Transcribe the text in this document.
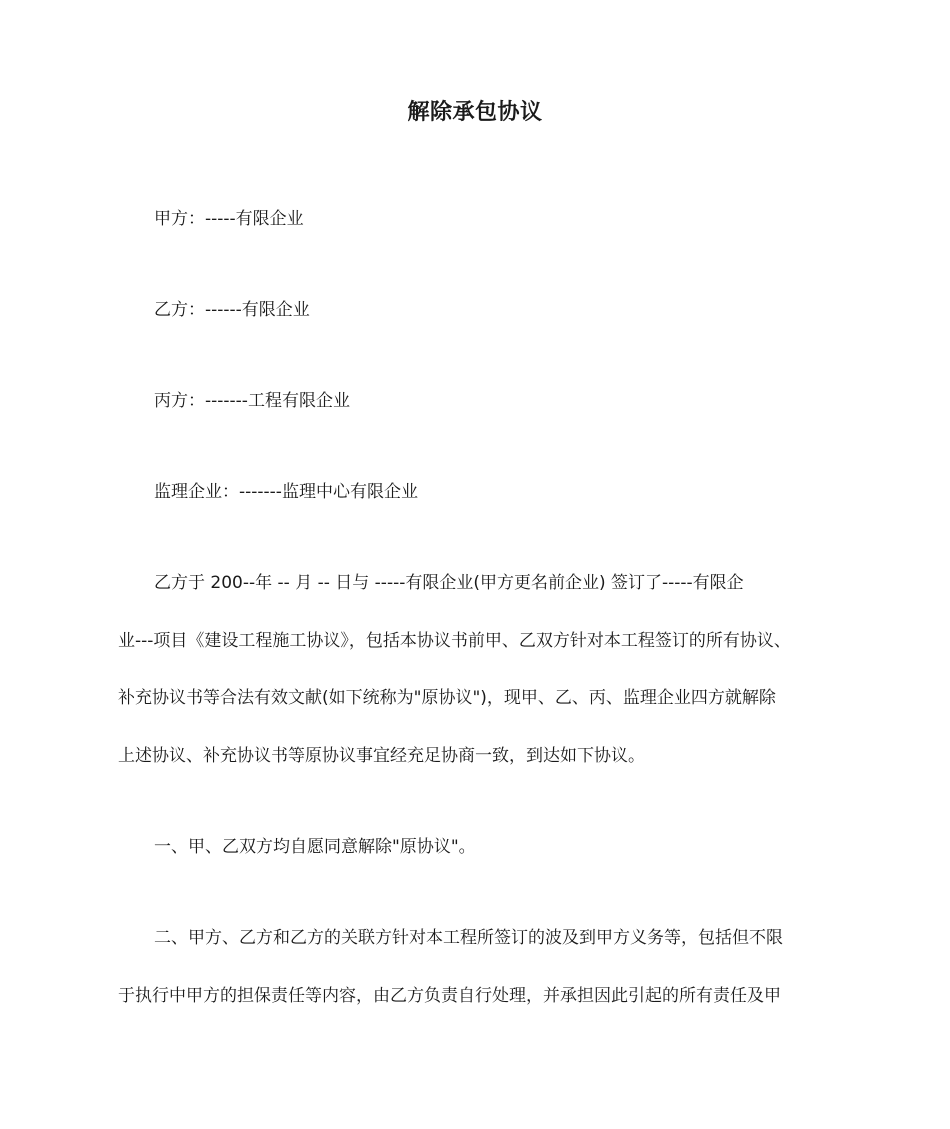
解除承包协议
甲方：-----有限企业
乙方：------有限企业
丙方：-------工程有限企业
监理企业：-------监理中心有限企业
乙方于 200--年 -- 月 -- 日与 -----有限企业(甲方更名前企业) 签订了-----有限企
业---项目《建设工程施工协议》，包括本协议书前甲、乙双方针对本工程签订的所有协议、
补充协议书等合法有效文献(如下统称为"原协议")，现甲、乙、丙、监理企业四方就解除
上述协议、补充协议书等原协议事宜经充足协商一致，到达如下协议。
一、甲、乙双方均自愿同意解除"原协议"。
二、甲方、乙方和乙方的关联方针对本工程所签订的波及到甲方义务等，包括但不限
于执行中甲方的担保责任等内容，由乙方负责自行处理，并承担因此引起的所有责任及甲
